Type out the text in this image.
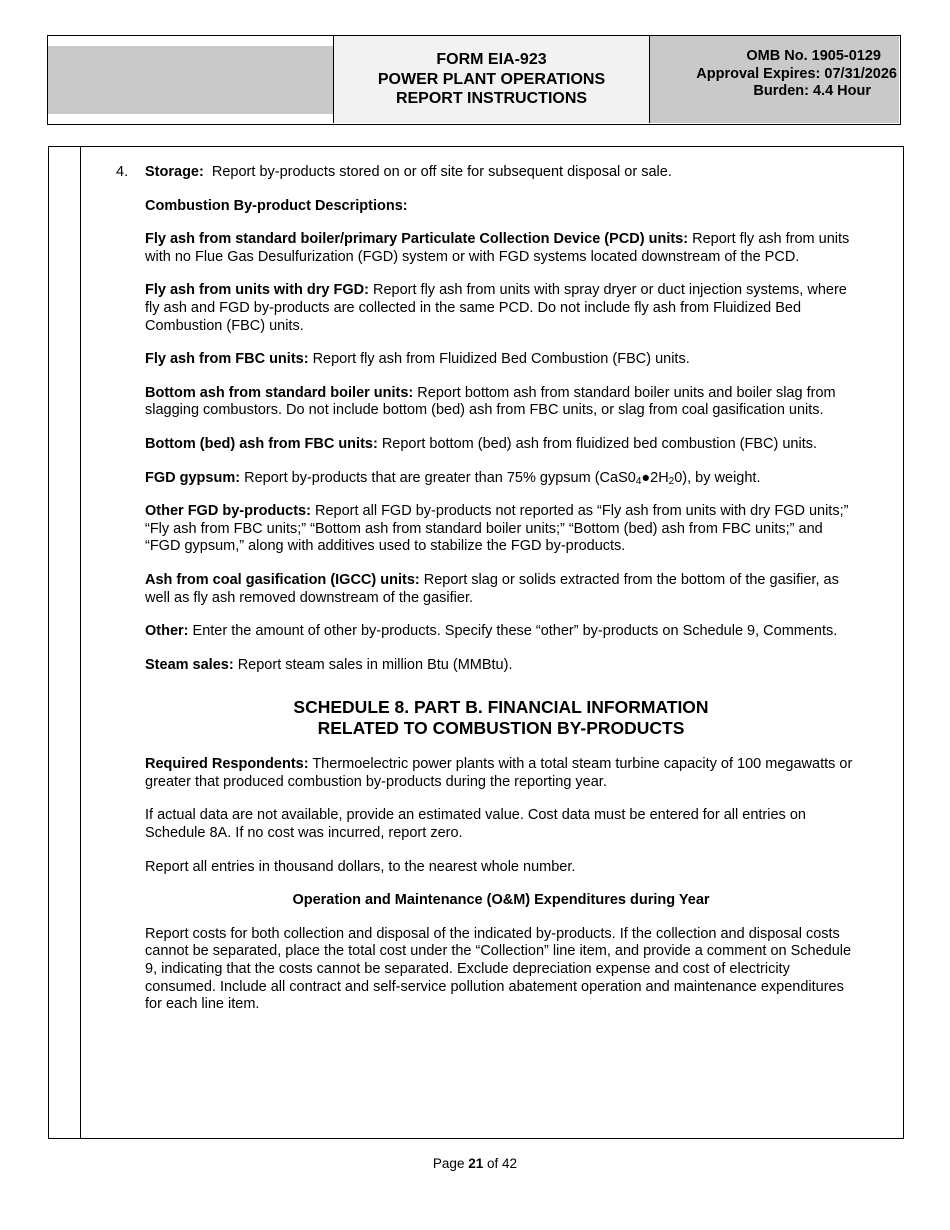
FORM EIA-923
POWER PLANT OPERATIONS
REPORT INSTRUCTIONS
OMB No. 1905-0129
Approval Expires: 07/31/2026
Burden: 4.4 Hour

4. Storage: Report by-products stored on or off site for subsequent disposal or sale.

Combustion By-product Descriptions:

Fly ash from standard boiler/primary Particulate Collection Device (PCD) units: Report fly ash from units with no Flue Gas Desulfurization (FGD) system or with FGD systems located downstream of the PCD.

Fly ash from units with dry FGD: Report fly ash from units with spray dryer or duct injection systems, where fly ash and FGD by-products are collected in the same PCD. Do not include fly ash from Fluidized Bed Combustion (FBC) units.

Fly ash from FBC units: Report fly ash from Fluidized Bed Combustion (FBC) units.

Bottom ash from standard boiler units: Report bottom ash from standard boiler units and boiler slag from slagging combustors. Do not include bottom (bed) ash from FBC units, or slag from coal gasification units.

Bottom (bed) ash from FBC units: Report bottom (bed) ash from fluidized bed combustion (FBC) units.

FGD gypsum: Report by-products that are greater than 75% gypsum $(CaS0_4●2H_20)$, by weight.

Other FGD by-products: Report all FGD by-products not reported as “Fly ash from units with dry FGD units;” “Fly ash from FBC units;” “Bottom ash from standard boiler units;” “Bottom (bed) ash from FBC units;” and “FGD gypsum,” along with additives used to stabilize the FGD by-products.

Ash from coal gasification (IGCC) units: Report slag or solids extracted from the bottom of the gasifier, as well as fly ash removed downstream of the gasifier.

Other: Enter the amount of other by-products. Specify these “other” by-products on Schedule 9, Comments.

Steam sales: Report steam sales in million Btu (MMBtu).

SCHEDULE 8. PART B. FINANCIAL INFORMATION
RELATED TO COMBUSTION BY-PRODUCTS

Required Respondents: Thermoelectric power plants with a total steam turbine capacity of 100 megawatts or greater that produced combustion by-products during the reporting year.

If actual data are not available, provide an estimated value. Cost data must be entered for all entries on Schedule 8A. If no cost was incurred, report zero.

Report all entries in thousand dollars, to the nearest whole number.

Operation and Maintenance (O&M) Expenditures during Year

Report costs for both collection and disposal of the indicated by-products. If the collection and disposal costs cannot be separated, place the total cost under the “Collection” line item, and provide a comment on Schedule 9, indicating that the costs cannot be separated. Exclude depreciation expense and cost of electricity consumed. Include all contract and self-service pollution abatement operation and maintenance expenditures for each line item.

Page 21 of 42
